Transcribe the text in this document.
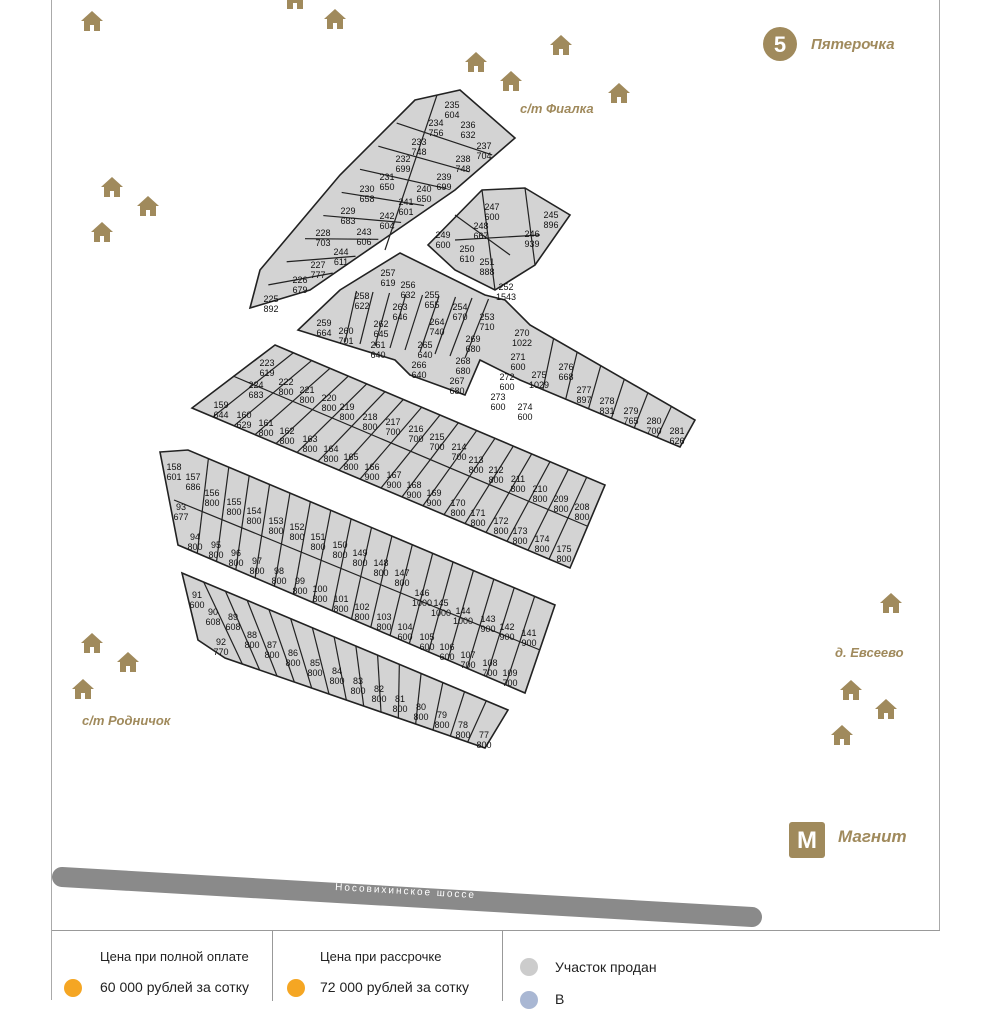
5 Пятерочка
с/т Фиалка
д. Евсеево
с/т Родничок
M Магнит
Носовихинское шоссе
235
604
234
756
236
632
233
748
237
704
232
699
238
748
231
650
239
699
230
658
240
650
241
601
229
683	242
604
228
703
243
606
244
611
227
777
226
679
225
892
247
600	245
896
248
667	246
939
249
600 250
610 251
888
252
1543
257
619 256
632 255
655
258
622	263
646
254
670 253
710
259
664
262
645
264
740
260
701 261
640
269
680
265
640
268
680
266
640
267
680
270
1022
271
600
272
600
275
1029
276
668
273
600 274
600
277
897 278
831 279
765 280
700 281
626
223
619
222
800
224
683	221
800 220
800
159
644 160
629
219
800 218
800
161
800
217
700 216
700
162
800	215
700
163
800	214
700
164
800 165
800
213
800
166
900
212
800
167
900 168
900
211
800
169
900
210
800
170
800
209
800 208
800
171
800 172
800 173
800 174
800 175
800
158
601 157
686
156
800 155
800
93
677
154
800 153
800 152
800 151
800 150
800
94
800 95
800	149
800
96
800	148
800
97
800	147
800
98
800 99
800	146
1000
100
800	145
1000
101
800	144
1000
102
800	143
900
103
800	142
900
104
600	141
900
105
600 106
600 107
700 108
700 109
700
91
600
90
608 89
608
92
770
88
800 87
800 86
800 85
800 84
800 83
800 82
800 81
800 80
800 79
800 78
800 77
800
Цена при полной оплате
60 000 рублей за сотку
Цена при рассрочке
72 000 рублей за сотку
Участок продан
В
